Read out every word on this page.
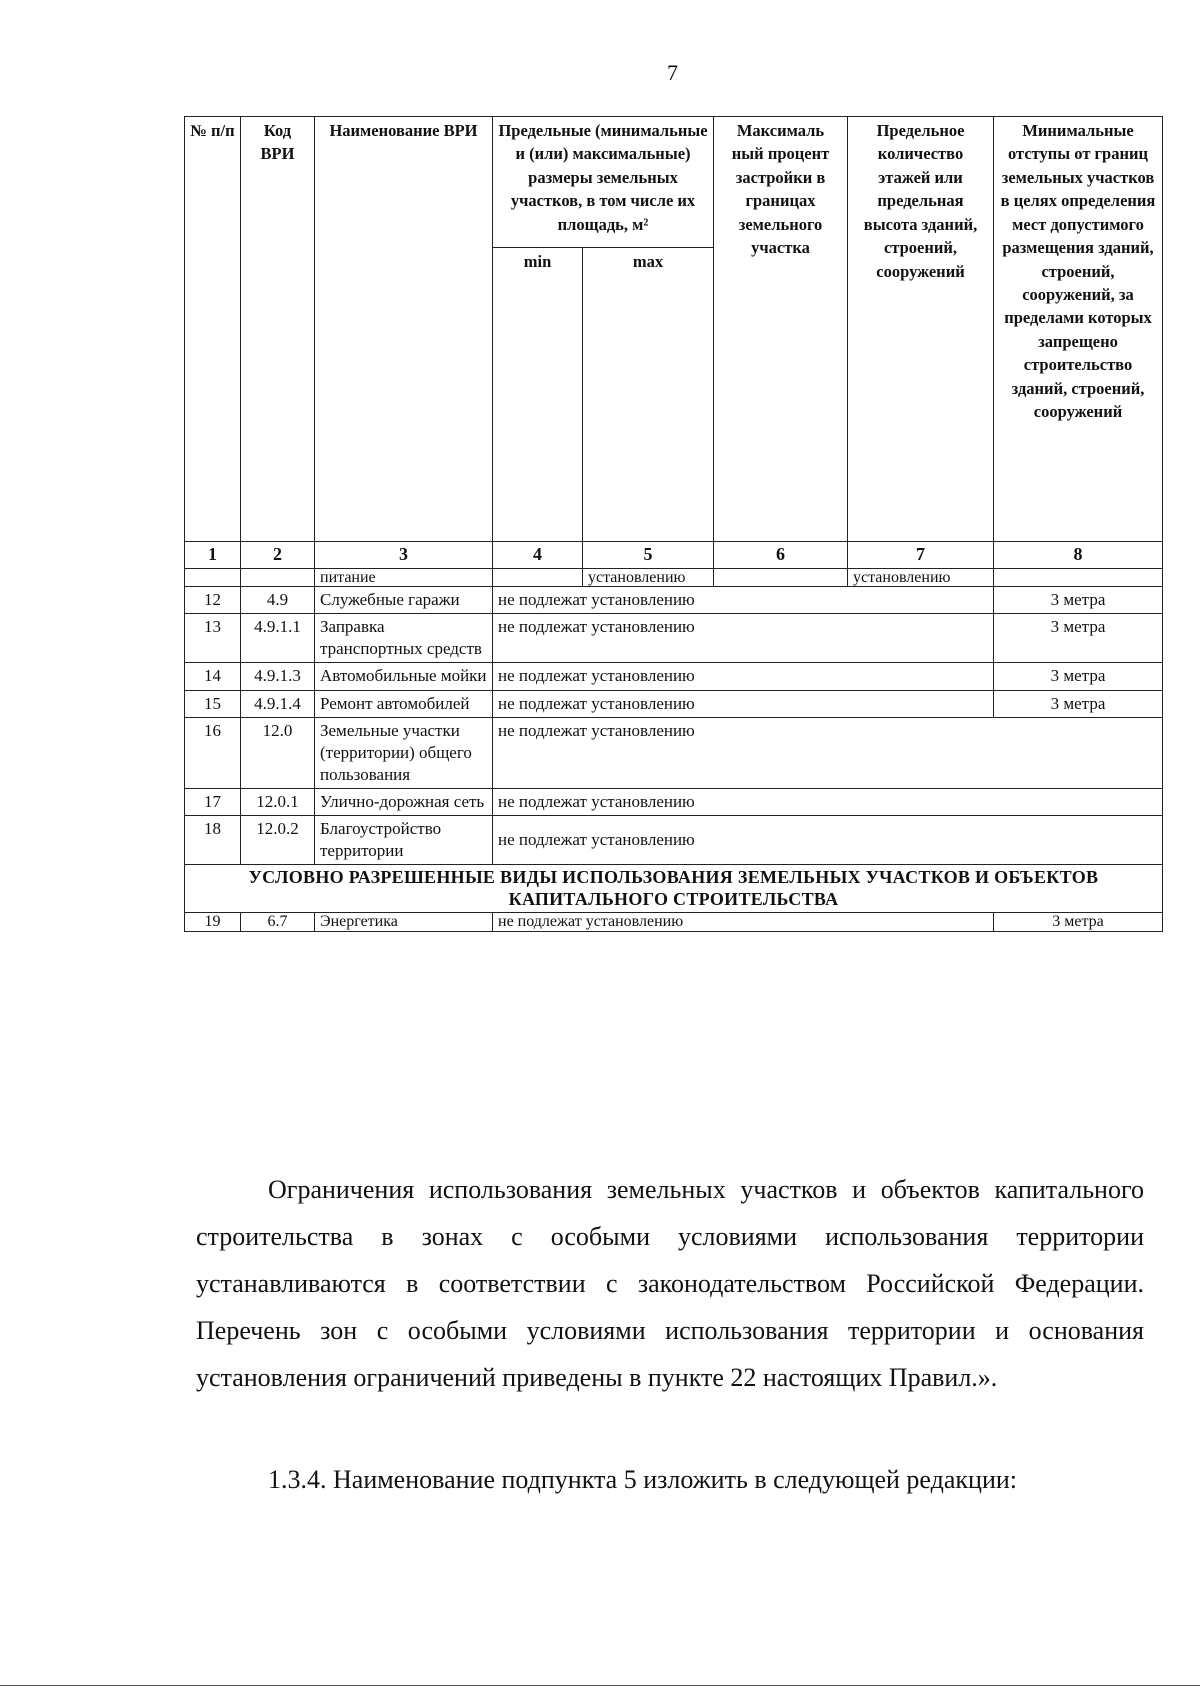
7
№ п/п	Код ВРИ	Наименование ВРИ	Предельные (минимальные и (или) максимальные) размеры земельных участков, в том числе их площадь, м²		Максималь ный процент застройки в границах земельного участка	Предельное количество этажей или предельная высота зданий, строений, сооружений	Минимальные отступы от границ земельных участков в целях определения мест допустимого размещения зданий, строений, сооружений, за пределами которых запрещено строительство зданий, строений, сооружений
			min	max			
1	2	3	4	5	6	7	8
		питание		установлению		установлению	
12	4.9	Служебные гаражи	не подлежат установлению				3 метра
13	4.9.1.1	Заправка транспортных средств	не подлежат установлению				3 метра
14	4.9.1.3	Автомобильные мойки	не подлежат установлению				3 метра
15	4.9.1.4	Ремонт автомобилей	не подлежат установлению				3 метра
16	12.0	Земельные участки (территории) общего пользования	не подлежат установлению				
17	12.0.1	Улично-дорожная сеть	не подлежат установлению				
18	12.0.2	Благоустройство территории	не подлежат установлению				
УСЛОВНО РАЗРЕШЕННЫЕ ВИДЫ ИСПОЛЬЗОВАНИЯ ЗЕМЕЛЬНЫХ УЧАСТКОВ И ОБЪЕКТОВ КАПИТАЛЬНОГО СТРОИТЕЛЬСТВА							
19	6.7	Энергетика	не подлежат установлению				3 метра

Ограничения использования земельных участков и объектов капитального строительства в зонах с особыми условиями использования территории устанавливаются в соответствии с законодательством Российской Федерации. Перечень зон с особыми условиями использования территории и основания установления ограничений приведены в пункте 22 настоящих Правил.».

1.3.4. Наименование подпункта 5 изложить в следующей редакции:
